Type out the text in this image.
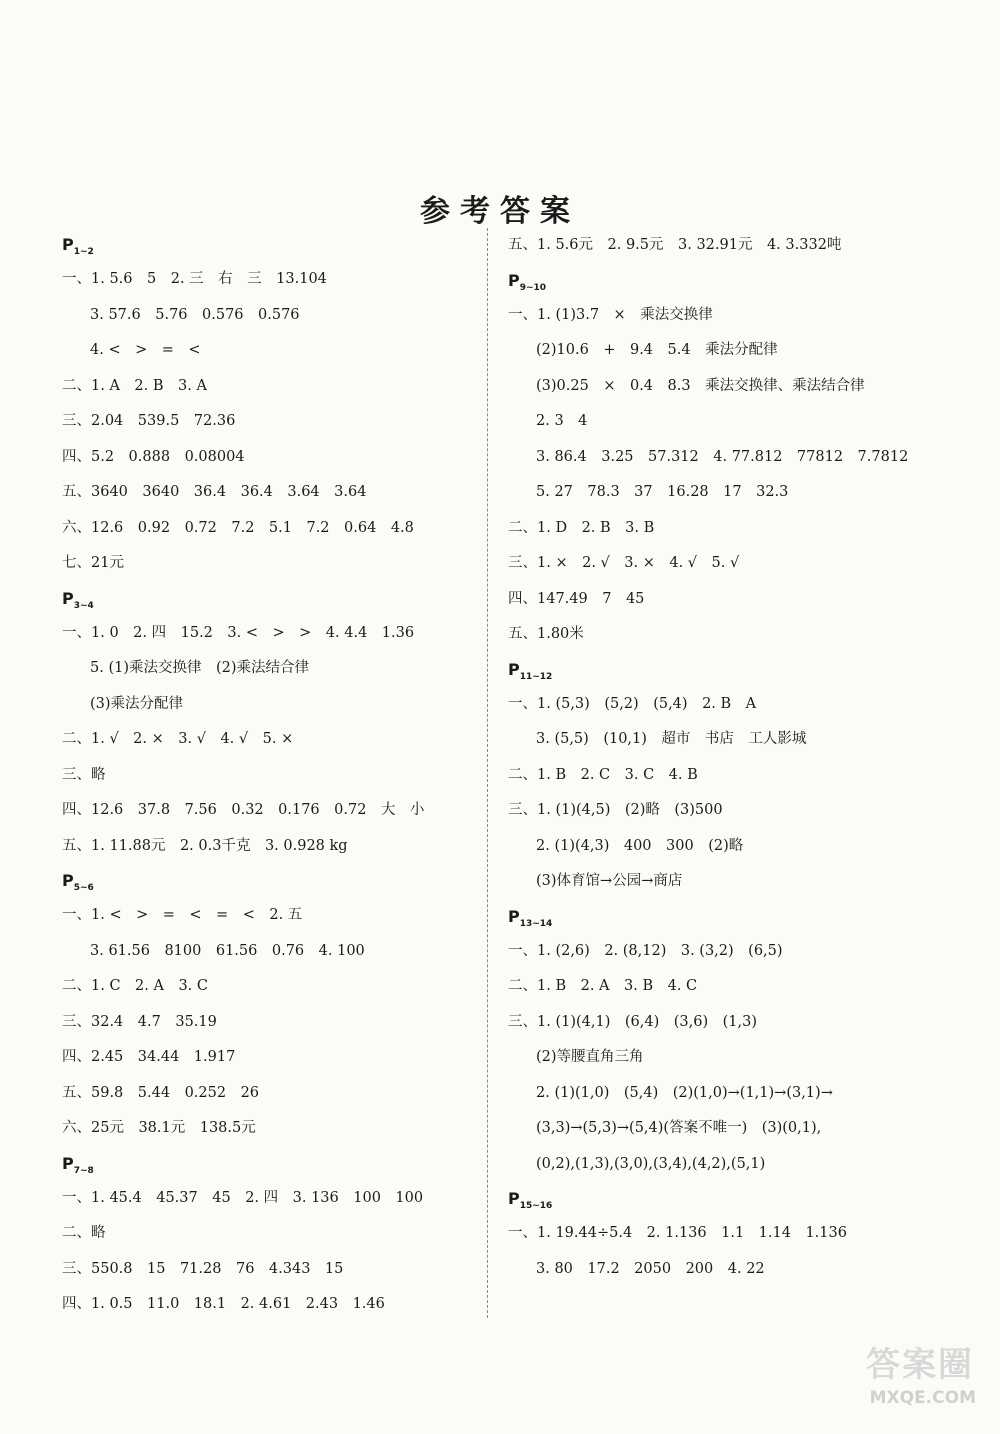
参考答案
$P_{1\sim 2}$
一、1. 5.6　5　2. 三　右　三　13.104
3. 57.6　5.76　0.576　0.576
4. <　>　=　<
二、1. A　2. B　3. A
三、2.04　539.5　72.36
四、5.2　0.888　0.08004
五、3640　3640　36.4　36.4　3.64　3.64
六、12.6　0.92　0.72　7.2　5.1　7.2　0.64　4.8
七、21元
$P_{3\sim 4}$
一、1. 0　2. 四　15.2　3. <　>　>　4. 4.4　1.36
5. (1)乘法交换律　(2)乘法结合律
(3)乘法分配律
二、1. √　2. ×　3. √　4. √　5. ×
三、略
四、12.6　37.8　7.56　0.32　0.176　0.72　大　小
五、1. 11.88元　2. 0.3千克　3. 0.928 kg
$P_{5\sim 6}$
一、1. <　>　=　<　=　<　2. 五
3. 61.56　8100　61.56　0.76　4. 100
二、1. C　2. A　3. C
三、32.4　4.7　35.19
四、2.45　34.44　1.917
五、59.8　5.44　0.252　26
六、25元　38.1元　138.5元
$P_{7\sim 8}$
一、1. 45.4　45.37　45　2. 四　3. 136　100　100
二、略
三、550.8　15　71.28　76　4.343　15
四、1. 0.5　11.0　18.1　2. 4.61　2.43　1.46
五、1. 5.6元　2. 9.5元　3. 32.91元　4. 3.332吨
$P_{9\sim 10}$
一、1. (1)3.7　×　乘法交换律
(2)10.6　+　9.4　5.4　乘法分配律
(3)0.25　×　0.4　8.3　乘法交换律、乘法结合律
2. 3　4
3. 86.4　3.25　57.312　4. 77.812　77812　7.7812
5. 27　78.3　37　16.28　17　32.3
二、1. D　2. B　3. B
三、1. ×　2. √　3. ×　4. √　5. √
四、147.49　7　45
五、1.80米
$P_{11\sim 12}$
一、1. (5,3)　(5,2)　(5,4)　2. B　A
3. (5,5)　(10,1)　超市　书店　工人影城
二、1. B　2. C　3. C　4. B
三、1. (1)(4,5)　(2)略　(3)500
2. (1)(4,3)　400　300　(2)略
(3)体育馆→公园→商店
$P_{13\sim 14}$
一、1. (2,6)　2. (8,12)　3. (3,2)　(6,5)
二、1. B　2. A　3. B　4. C
三、1. (1)(4,1)　(6,4)　(3,6)　(1,3)
(2)等腰直角三角
2. (1)(1,0)　(5,4)　(2)(1,0)→(1,1)→(3,1)→
(3,3)→(5,3)→(5,4)(答案不唯一)　(3)(0,1),
(0,2),(1,3),(3,0),(3,4),(4,2),(5,1)
$P_{15\sim 16}$
一、1. 19.44÷5.4　2. 1.136　1.1　1.14　1.136
3. 80　17.2　2050　200　4. 22
答案圈
MXQE.COM
